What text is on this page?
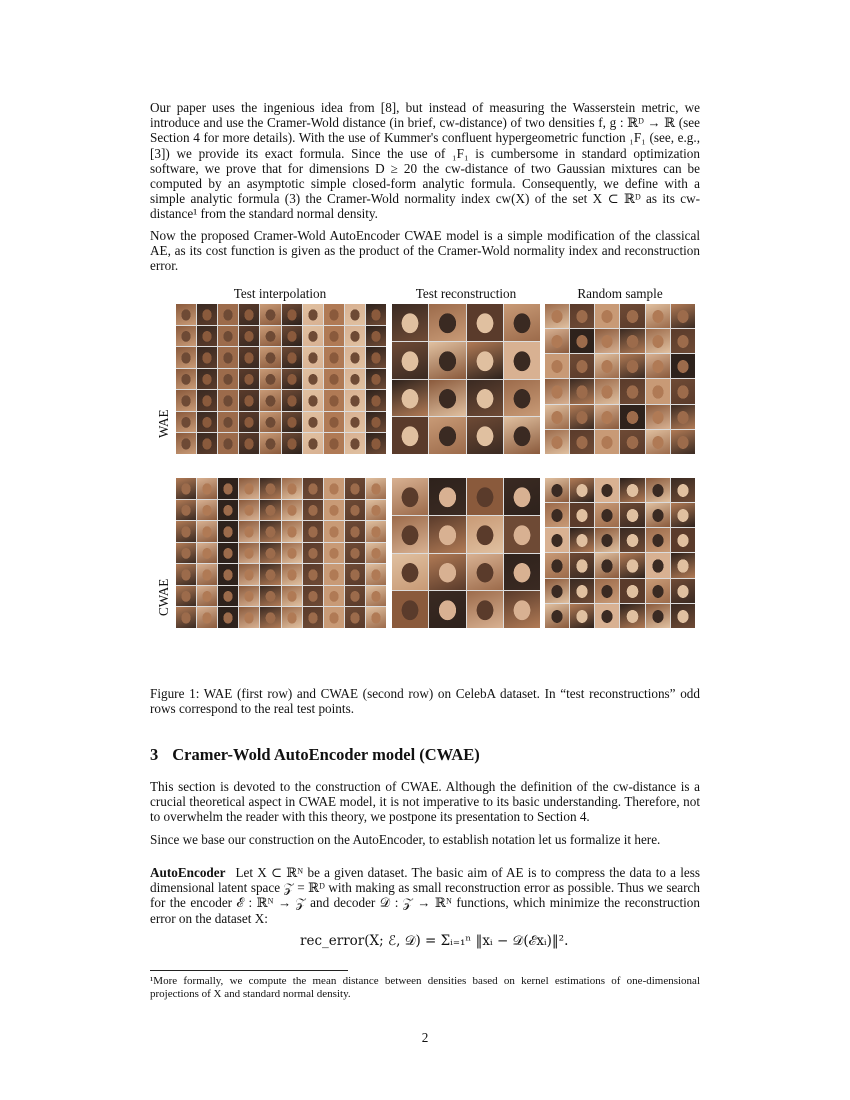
Our paper uses the ingenious idea from [8], but instead of measuring the Wasserstein metric, we introduce and use the Cramer-Wold distance (in brief, cw-distance) of two densities f, g : ℝᴰ → ℝ (see Section 4 for more details). With the use of Kummer's confluent hypergeometric function ₁F₁ (see, e.g., [3]) we provide its exact formula. Since the use of ₁F₁ is cumbersome in standard optimization software, we prove that for dimensions D ≥ 20 the cw-distance of two Gaussian mixtures can be computed by an asymptotic simple closed-form analytic formula. Consequently, we define with a simple analytic formula (3) the Cramer-Wold normality index cw(X) of the set X ⊂ ℝᴰ as its cw-distance¹ from the standard normal density.

Now the proposed Cramer-Wold AutoEncoder CWAE model is a simple modification of the classical AE, as its cost function is given as the product of the Cramer-Wold normality index and reconstruction error.

Test interpolation	Test reconstruction	Random sample
WAE
CWAE

Figure 1: WAE (first row) and CWAE (second row) on CelebA dataset. In “test reconstructions” odd rows correspond to the real test points.

3 Cramer-Wold AutoEncoder model (CWAE)

This section is devoted to the construction of CWAE. Although the definition of the cw-distance is a crucial theoretical aspect in CWAE model, it is not imperative to its basic understanding. Therefore, not to overwhelm the reader with this theory, we postpone its presentation to Section 4.

Since we base our construction on the AutoEncoder, to establish notation let us formalize it here.

AutoEncoder Let X ⊂ ℝᴺ be a given dataset. The basic aim of AE is to compress the data to a less dimensional latent space 𝒵 = ℝᴰ with making as small reconstruction error as possible. Thus we search for the encoder ℰ : ℝᴺ → 𝒵 and decoder 𝒟 : 𝒵 → ℝᴺ functions, which minimize the reconstruction error on the dataset X:

rec_error(X; ℰ, 𝒟) = Σᵢ₌₁ⁿ ‖xᵢ − 𝒟(ℰxᵢ)‖².
¹More formally, we compute the mean distance between densities based on kernel estimations of one-dimensional projections of X and standard normal density.
2
